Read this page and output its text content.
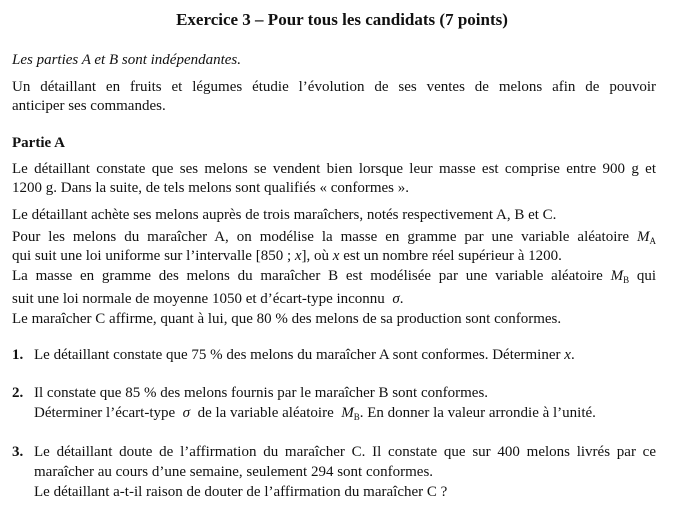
Exercice 3 – Pour tous les candidats (7 points)
Les parties A et B sont indépendantes.
Un détaillant en fruits et légumes étudie l’évolution de ses ventes de melons afin de pouvoir
anticiper ses commandes.
Partie A
Le détaillant constate que ses melons se vendent bien lorsque leur masse est comprise entre 900 g et
1200 g. Dans la suite, de tels melons sont qualifiés « conformes ».
Le détaillant achète ses melons auprès de trois maraîchers, notés respectivement A, B et C.
Pour les melons du maraîcher A, on modélise la masse en gramme par une variable aléatoire $M_A$
qui suit une loi uniforme sur l’intervalle [850 ; x], où x est un nombre réel supérieur à 1200.
La masse en gramme des melons du maraîcher B est modélisée par une variable aléatoire $M_B$ qui
suit une loi normale de moyenne 1050 et d’écart-type inconnu σ.
Le maraîcher C affirme, quant à lui, que 80 % des melons de sa production sont conformes.
1. Le détaillant constate que 75 % des melons du maraîcher A sont conformes. Déterminer x.
2. Il constate que 85 % des melons fournis par le maraîcher B sont conformes.
Déterminer l’écart-type σ de la variable aléatoire $M_B$. En donner la valeur arrondie à l’unité.
3. Le détaillant doute de l’affirmation du maraîcher C. Il constate que sur 400 melons livrés par ce
maraîcher au cours d’une semaine, seulement 294 sont conformes.
Le détaillant a-t-il raison de douter de l’affirmation du maraîcher C ?
